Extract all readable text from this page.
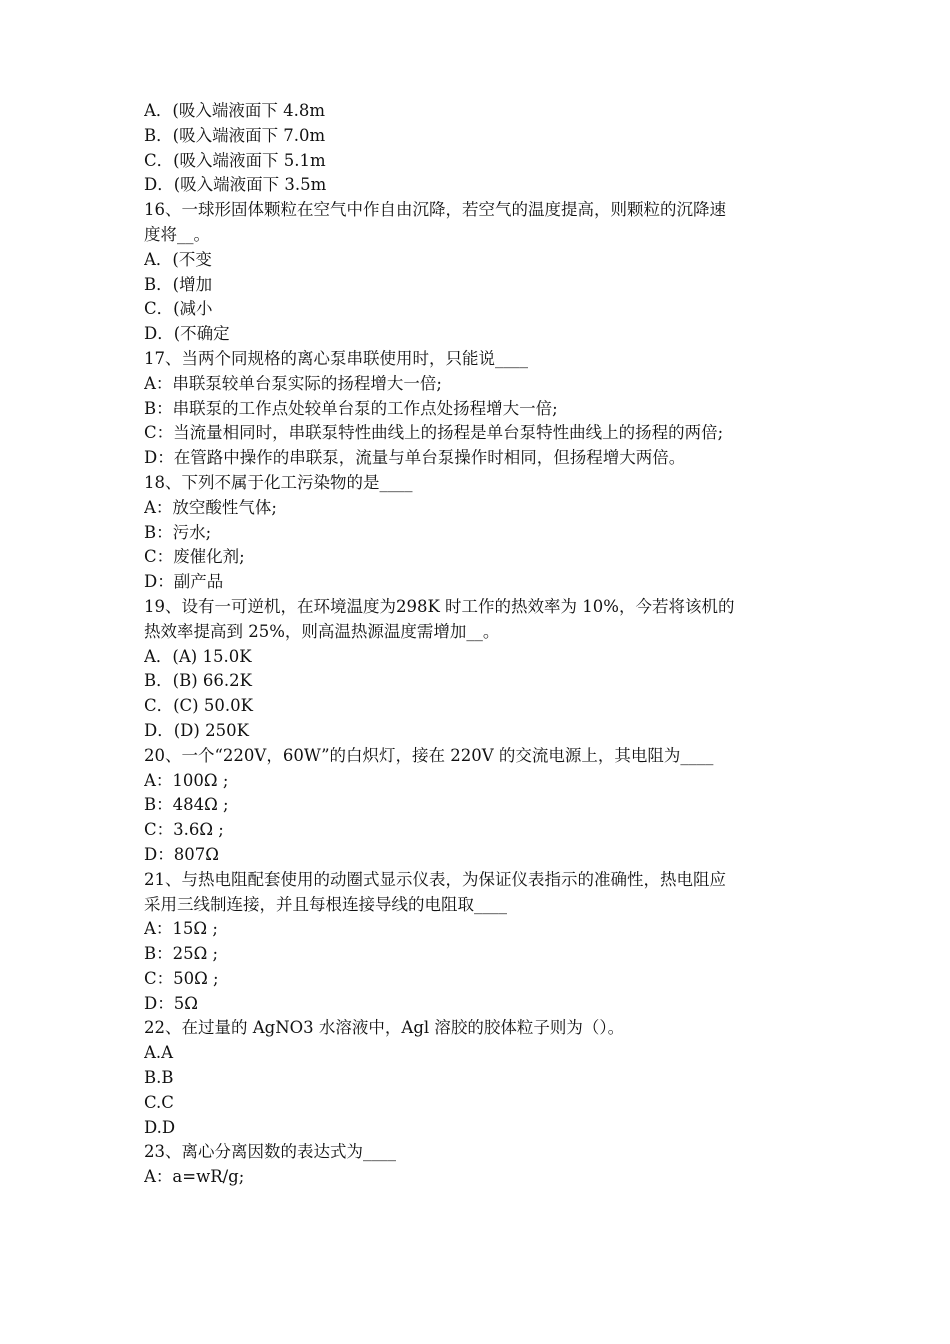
A．(吸入端液面下 4.8m
B．(吸入端液面下 7.0m
C．(吸入端液面下 5.1m
D．(吸入端液面下 3.5m
16、一球形固体颗粒在空气中作自由沉降，若空气的温度提高，则颗粒的沉降速
度将__。
A．(不变
B．(增加
C．(减小
D．(不确定
17、当两个同规格的离心泵串联使用时，只能说____
A：串联泵较单台泵实际的扬程增大一倍;
B：串联泵的工作点处较单台泵的工作点处扬程增大一倍;
C：当流量相同时，串联泵特性曲线上的扬程是单台泵特性曲线上的扬程的两倍;
D：在管路中操作的串联泵，流量与单台泵操作时相同，但扬程增大两倍。
18、下列不属于化工污染物的是____
A：放空酸性气体;
B：污水;
C：废催化剂;
D：副产品
19、设有一可逆机，在环境温度为298K 时工作的热效率为 10%，今若将该机的
热效率提高到 25%，则高温热源温度需增加__。
A．(A) 15.0K
B．(B) 66.2K
C．(C) 50.0K
D．(D) 250K
20、一个“220V，60W”的白炽灯，接在 220V 的交流电源上，其电阻为____
A：100Ω ;
B：484Ω ;
C：3.6Ω ;
D：807Ω
21、与热电阻配套使用的动圈式显示仪表，为保证仪表指示的准确性，热电阻应
采用三线制连接，并且每根连接导线的电阻取____
A：15Ω ;
B：25Ω ;
C：50Ω ;
D：5Ω
22、在过量的 AgNO3 水溶液中，Agl 溶胶的胶体粒子则为（）。
A.A
B.B
C.C
D.D
23、离心分离因数的表达式为____
A：a=wR/g;
